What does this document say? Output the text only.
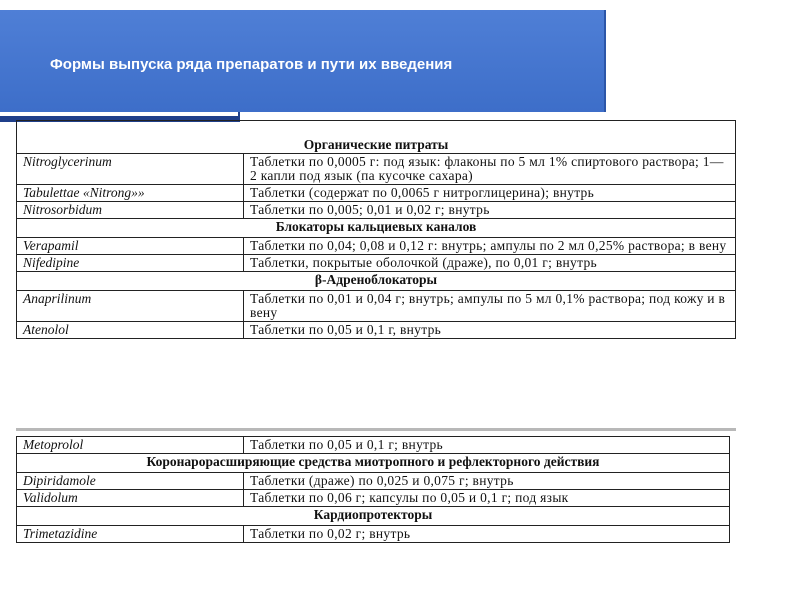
Формы выпуска ряда препаратов и пути их введения
Органические питраты	
Nitroglycerinum	Таблетки по 0,0005 г: под язык: флаконы по 5 мл 1% спиртового раствора; 1—2 капли под язык (па кусочке сахара)
Tabulettae «Nitrong»»	Таблетки (содержат по 0,0065 г нитроглицерина); внутрь
Nitrosorbidum	Таблетки по 0,005; 0,01 и 0,02 г; внутрь
Блокаторы кальциевых каналов	
Verapamil	Таблетки по 0,04; 0,08 и 0,12 г: внутрь; ампулы по 2 мл 0,25% раствора; в вену
Nifedipine	Таблетки, покрытые оболочкой (драже), по 0,01 г; внутрь
β-Адреноблокаторы	
Anaprilinum	Таблетки по 0,01 и 0,04 г; внутрь; ампулы по 5 мл 0,1% раствора; под кожу и в вену
Atenolol	Таблетки по 0,05 и 0,1 г, внутрь
Metoprolol	Таблетки по 0,05 и 0,1 г; внутрь
Коронарорасширяющие средства миотропного и рефлекторного действия	
Dipiridamole	Таблетки (драже) по 0,025 и 0,075 г; внутрь
Validolum	Таблетки по 0,06 г; капсулы по 0,05 и 0,1 г; под язык
Кардиопротекторы	
Trimetazidine	Таблетки по 0,02 г; внутрь
